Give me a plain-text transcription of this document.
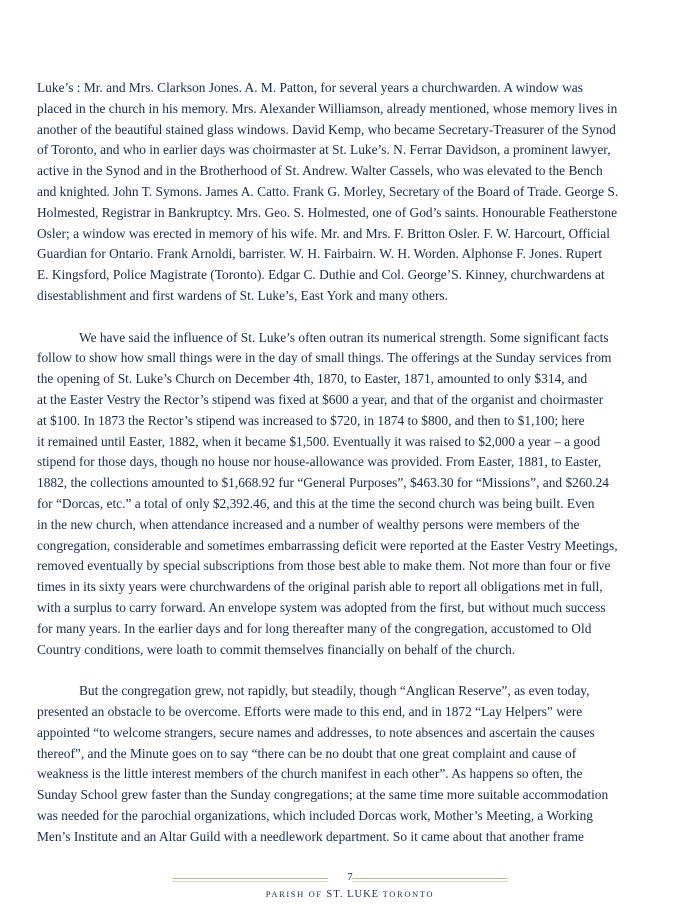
Luke’s : Mr. and Mrs. Clarkson Jones. A. M. Patton, for several years a churchwarden. A window was
placed in the church in his memory. Mrs. Alexander Williamson, already mentioned, whose memory lives in
another of the beautiful stained glass windows. David Kemp, who became Secretary-Treasurer of the Synod
of Toronto, and who in earlier days was choirmaster at St. Luke’s. N. Ferrar Davidson, a prominent lawyer,
active in the Synod and in the Brotherhood of St. Andrew. Walter Cassels, who was elevated to the Bench
and knighted. John T. Symons. James A. Catto. Frank G. Morley, Secretary of the Board of Trade. George S.
Holmested, Registrar in Bankruptcy. Mrs. Geo. S. Holmested, one of God’s saints. Honourable Featherstone
Osler; a window was erected in memory of his wife. Mr. and Mrs. F. Britton Osler. F. W. Harcourt, Official
Guardian for Ontario. Frank Arnoldi, barrister. W. H. Fairbairn. W. H. Worden. Alphonse F. Jones. Rupert
E. Kingsford, Police Magistrate (Toronto). Edgar C. Duthie and Col. George’S. Kinney, churchwardens at
disestablishment and first wardens of St. Luke’s, East York and many others.

We have said the influence of St. Luke’s often outran its numerical strength. Some significant facts
follow to show how small things were in the day of small things. The offerings at the Sunday services from
the opening of St. Luke’s Church on December 4th, 1870, to Easter, 1871, amounted to only $314, and
at the Easter Vestry the Rector’s stipend was fixed at $600 a year, and that of the organist and choirmaster
at $100. In 1873 the Rector’s stipend was increased to $720, in 1874 to $800, and then to $1,100; here
it remained until Easter, 1882, when it became $1,500. Eventually it was raised to $2,000 a year – a good
stipend for those days, though no house nor house-allowance was provided. From Easter, 1881, to Easter,
1882, the collections amounted to $1,668.92 fur “General Purposes”, $463.30 for “Missions”, and $260.24
for “Dorcas, etc.” a total of only $2,392.46, and this at the time the second church was being built. Even
in the new church, when attendance increased and a number of wealthy persons were members of the
congregation, considerable and sometimes embarrassing deficit were reported at the Easter Vestry Meetings,
removed eventually by special subscriptions from those best able to make them. Not more than four or five
times in its sixty years were churchwardens of the original parish able to report all obligations met in full,
with a surplus to carry forward. An envelope system was adopted from the first, but without much success
for many years. In the earlier days and for long thereafter many of the congregation, accustomed to Old
Country conditions, were loath to commit themselves financially on behalf of the church.

But the congregation grew, not rapidly, but steadily, though “Anglican Reserve”, as even today,
presented an obstacle to be overcome. Efforts were made to this end, and in 1872 “Lay Helpers” were
appointed “to welcome strangers, secure names and addresses, to note absences and ascertain the causes
thereof”, and the Minute goes on to say “there can be no doubt that one great complaint and cause of
weakness is the little interest members of the church manifest in each other”. As happens so often, the
Sunday School grew faster than the Sunday congregations; at the same time more suitable accommodation
was needed for the parochial organizations, which included Dorcas work, Mother’s Meeting, a Working
Men’s Institute and an Altar Guild with a needlework department. So it came about that another frame

7
PARISH OF ST. LUKE TORONTO
